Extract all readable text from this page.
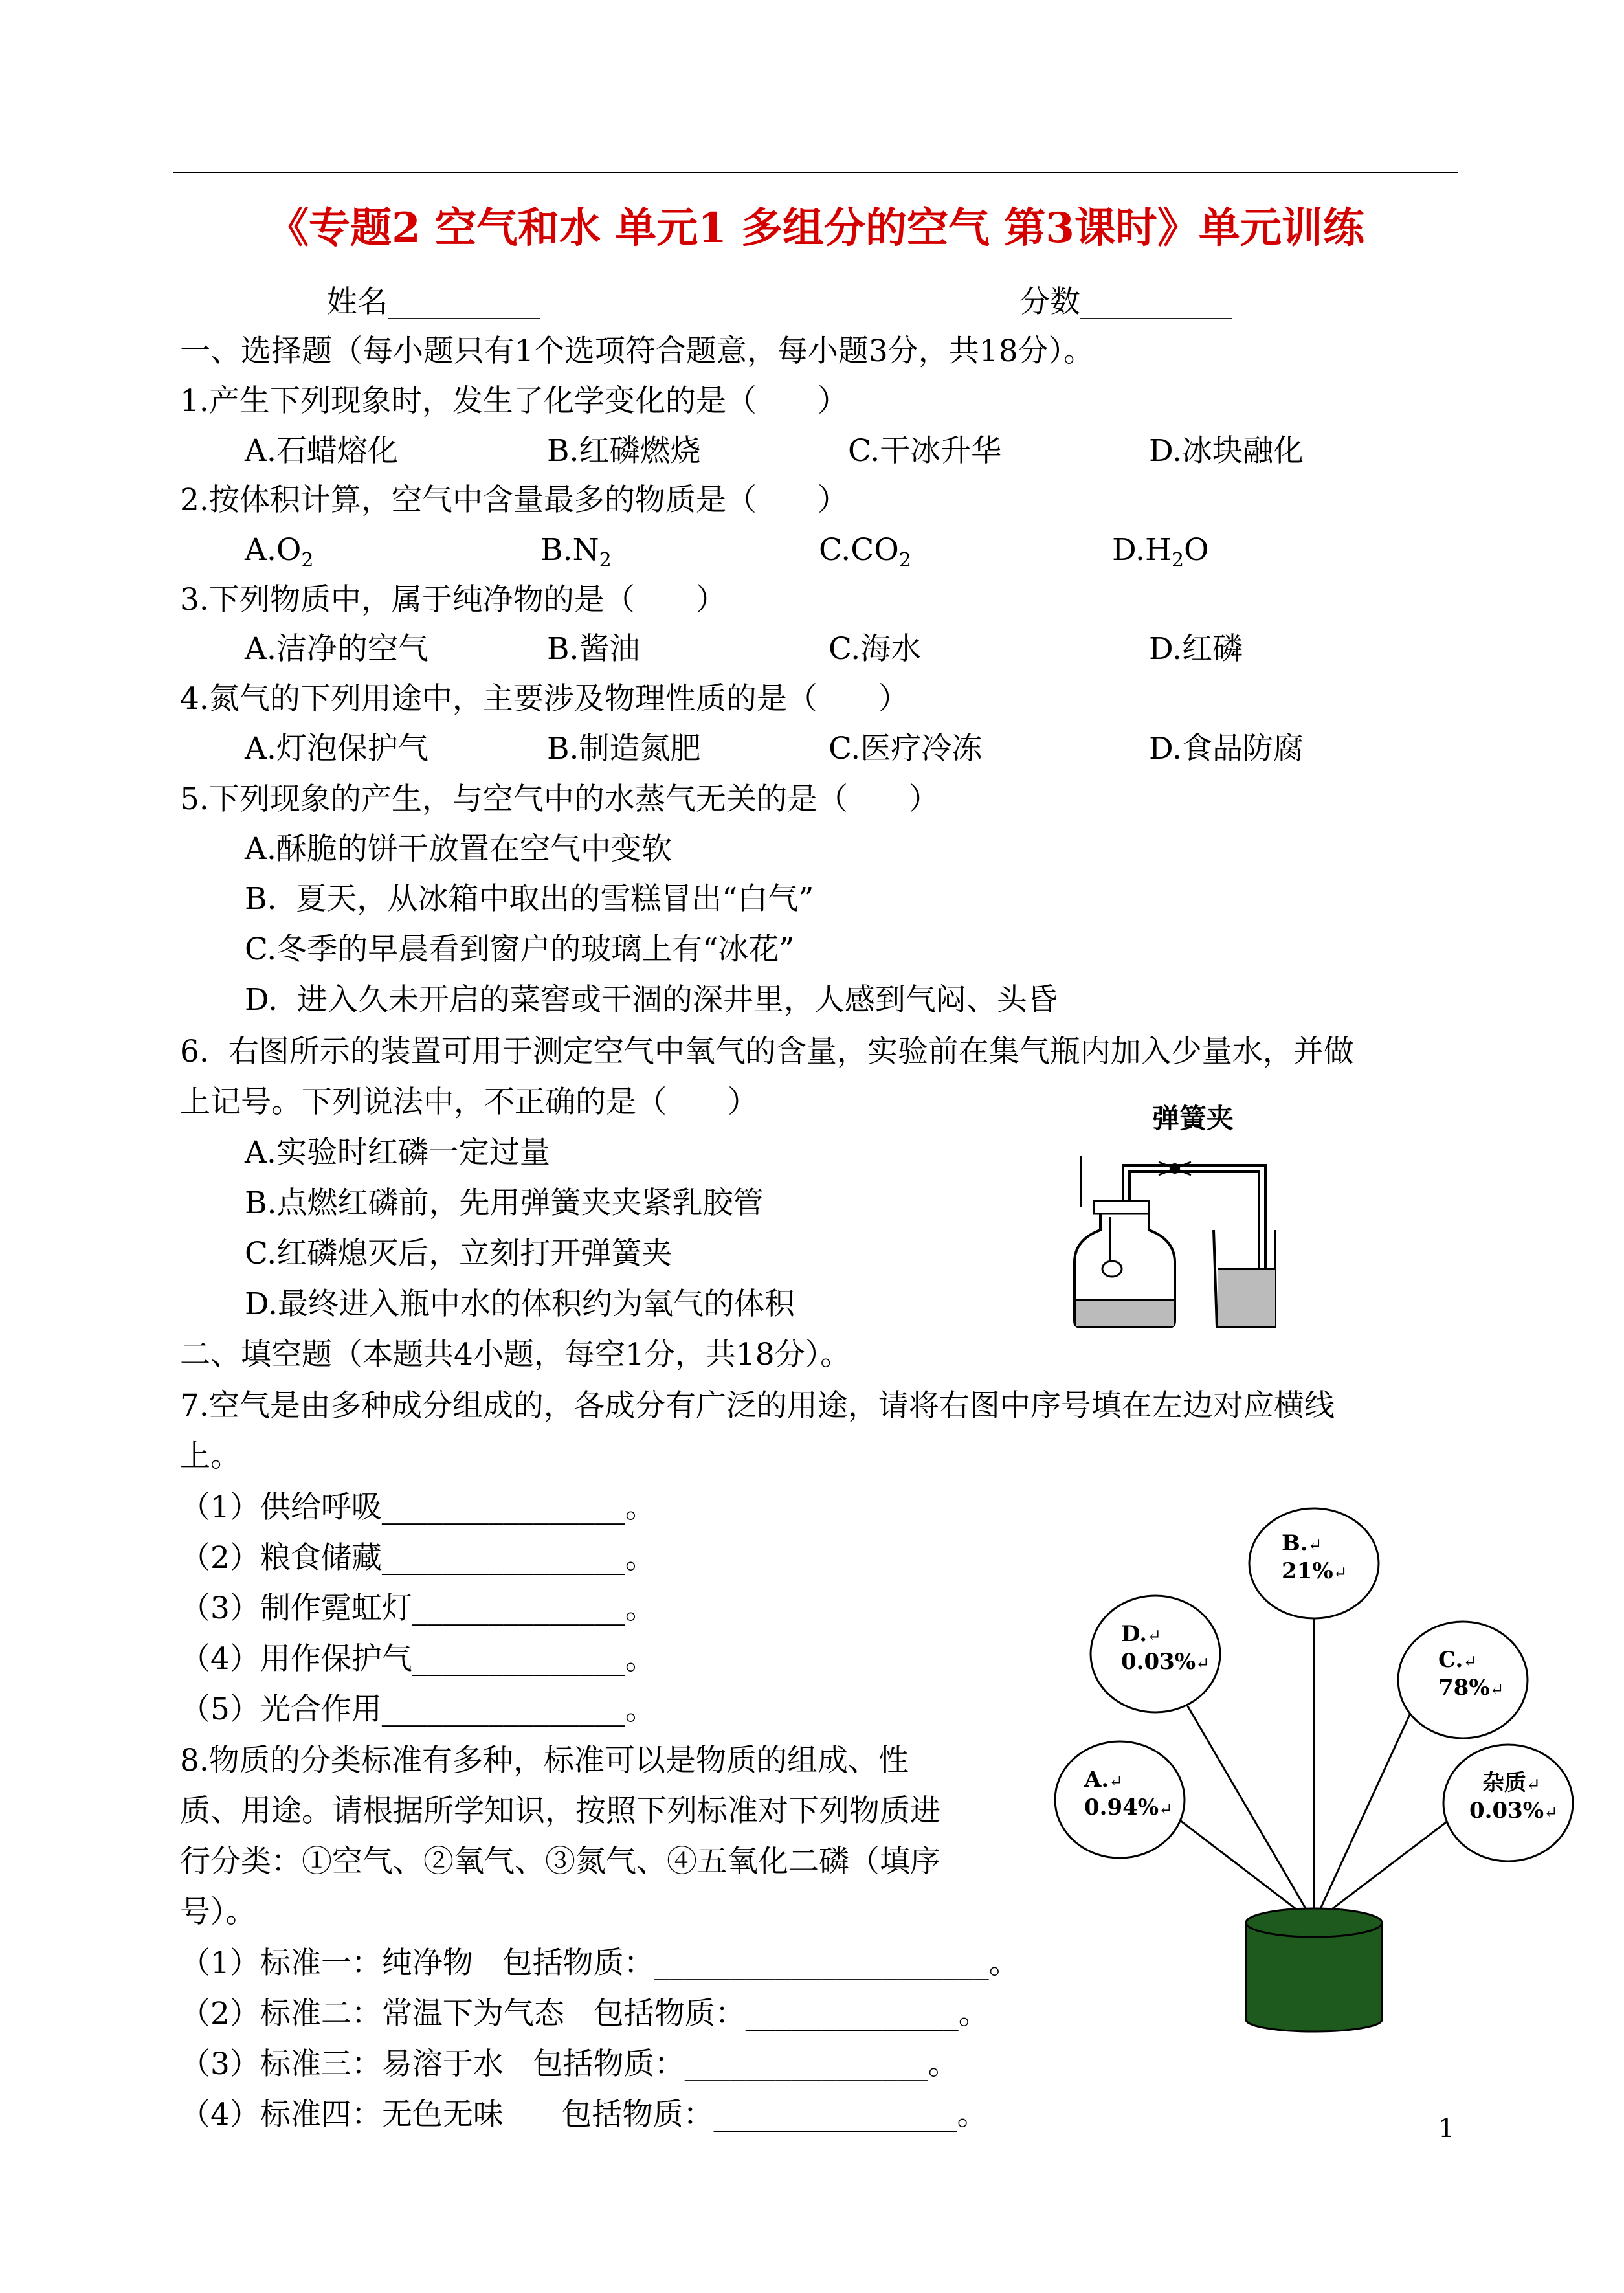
《专题2 空气和水 单元1 多组分的空气 第3课时》单元训练
姓名__________	分数__________
一、选择题（每小题只有1个选项符合题意，每小题3分，共18分）。
1.产生下列现象时，发生了化学变化的是（　　）
A.石蜡熔化	B.红磷燃烧	C.干冰升华	D.冰块融化
2.按体积计算，空气中含量最多的物质是（　　）
$A.O_2$	$B.N_2$	$C.CO_2$	$D.H_2O$
3.下列物质中，属于纯净物的是（　　）
A.洁净的空气	B.酱油	C.海水	D.红磷
4.氮气的下列用途中，主要涉及物理性质的是（　　）
A.灯泡保护气	B.制造氮肥	C.医疗冷冻	D.食品防腐
5.下列现象的产生，与空气中的水蒸气无关的是（　　）
A.酥脆的饼干放置在空气中变软
B.  夏天，从冰箱中取出的雪糕冒出“白气”
C.冬季的早晨看到窗户的玻璃上有“冰花”
D.  进入久未开启的菜窖或干涸的深井里，人感到气闷、头昏
6.  右图所示的装置可用于测定空气中氧气的含量，实验前在集气瓶内加入少量水，并做
上记号。下列说法中，不正确的是（　　）
A.实验时红磷一定过量
B.点燃红磷前，先用弹簧夹夹紧乳胶管
C.红磷熄灭后，立刻打开弹簧夹
D.最终进入瓶中水的体积约为氧气的体积
弹簧夹
二、填空题（本题共4小题，每空1分，共18分）。
7.空气是由多种成分组成的，各成分有广泛的用途，请将右图中序号填在左边对应横线
上。
（1）供给呼吸________________。
（2）粮食储藏________________。
（3）制作霓虹灯______________。
（4）用作保护气______________。
（5）光合作用________________。
8.物质的分类标准有多种，标准可以是物质的组成、性
质、用途。请根据所学知识，按照下列标准对下列物质进
行分类：①空气、②氧气、③氮气、④五氧化二磷（填序
号）。
（1）标准一：纯净物   包括物质：______________________。
（2）标准二：常温下为气态   包括物质：______________。
（3）标准三：易溶于水   包括物质：________________。
（4）标准四：无色无味      包括物质：________________。
B.↵
21%↵
D.↵
0.03%↵	C.↵
78%↵
A.↵
0.94%↵
杂质↵
0.03%↵
1
